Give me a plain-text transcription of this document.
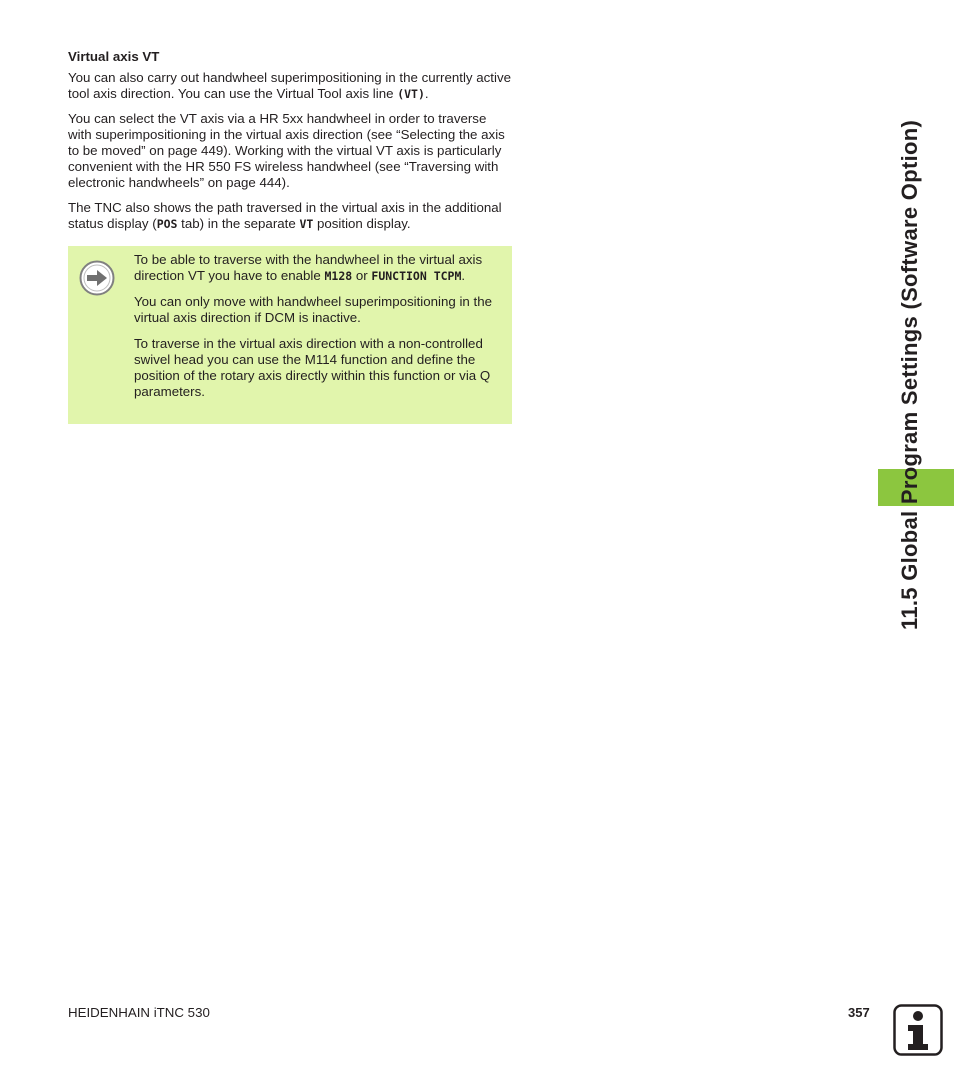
Virtual axis VT

You can also carry out handwheel superimpositioning in the currently active tool axis direction. You can use the Virtual Tool axis line (VT).

You can select the VT axis via a HR 5xx handwheel in order to traverse with superimpositioning in the virtual axis direction (see “Selecting the axis to be moved” on page 449). Working with the virtual VT axis is particularly convenient with the HR 550 FS wireless handwheel (see “Traversing with electronic handwheels” on page 444).

The TNC also shows the path traversed in the virtual axis in the additional status display (POS tab) in the separate VT position display.

To be able to traverse with the handwheel in the virtual axis direction VT you have to enable M128 or FUNCTION TCPM.

You can only move with handwheel superimpositioning in the virtual axis direction if DCM is inactive.

To traverse in the virtual axis direction with a non-controlled swivel head you can use the M114 function and define the position of the rotary axis directly within this function or via Q parameters.	11.5 Global Program Settings (Software Option)
HEIDENHAIN iTNC 530	357
